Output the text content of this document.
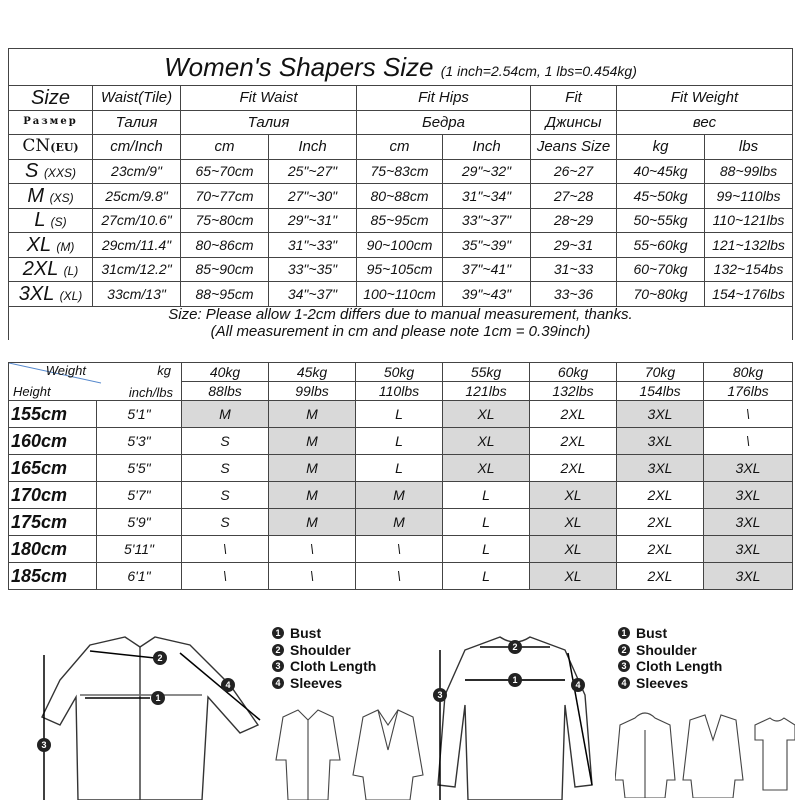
Women's Shapers Size (1 inch=2.54cm, 1 lbs=0.454kg)								
Size	Waist(Tile)	Fit Waist		Fit Hips		Fit	Fit Weight	
Размер	Талия	Талия		Бедра		Джинсы	вес	
CN(EU)	cm/Inch	cm	Inch	cm	Inch	Jeans Size	kg	lbs
S (XXS)	23cm/9"	65~70cm	25"~27"	75~83cm	29"~32"	26~27	40~45kg	88~99lbs
M (XS)	25cm/9.8"	70~77cm	27"~30"	80~88cm	31"~34"	27~28	45~50kg	99~110lbs
L (S)	27cm/10.6"	75~80cm	29"~31"	85~95cm	33"~37"	28~29	50~55kg	110~121lbs
XL (M)	29cm/11.4"	80~86cm	31"~33"	90~100cm	35"~39"	29~31	55~60kg	121~132lbs
2XL (L)	31cm/12.2"	85~90cm	33"~35"	95~105cm	37"~41"	31~33	60~70kg	132~154bs
3XL (XL)	33cm/13"	88~95cm	34"~37"	100~110cm	39"~43"	33~36	70~80kg	154~176lbs
Size: Please allow 1-2cm differs due to manual measurement, thanks.								
(All measurement in cm and please note 1cm = 0.39inch)								
Weight kg
Height inch/lbs		40kg	45kg	50kg	55kg	60kg	70kg	80kg
		88lbs	99lbs	110lbs	121lbs	132lbs	154lbs	176lbs
155cm	5'1"	M	M	L	XL	2XL	3XL	\
160cm	5'3"	S	M	L	XL	2XL	3XL	\
165cm	5'5"	S	M	L	XL	2XL	3XL	3XL
170cm	5'7"	S	M	M	L	XL	2XL	3XL
175cm	5'9"	S	M	M	L	XL	2XL	3XL
180cm	5'11"	\	\	\	L	XL	2XL	3XL
185cm	6'1"	\	\	\	L	XL	2XL	3XL
1
2
3
4
1 Bust
2 Shoulder
3 Cloth Length
4 Sleeves	1
2
3
4
1 Bust
2 Shoulder
3 Cloth Length
4 Sleeves
